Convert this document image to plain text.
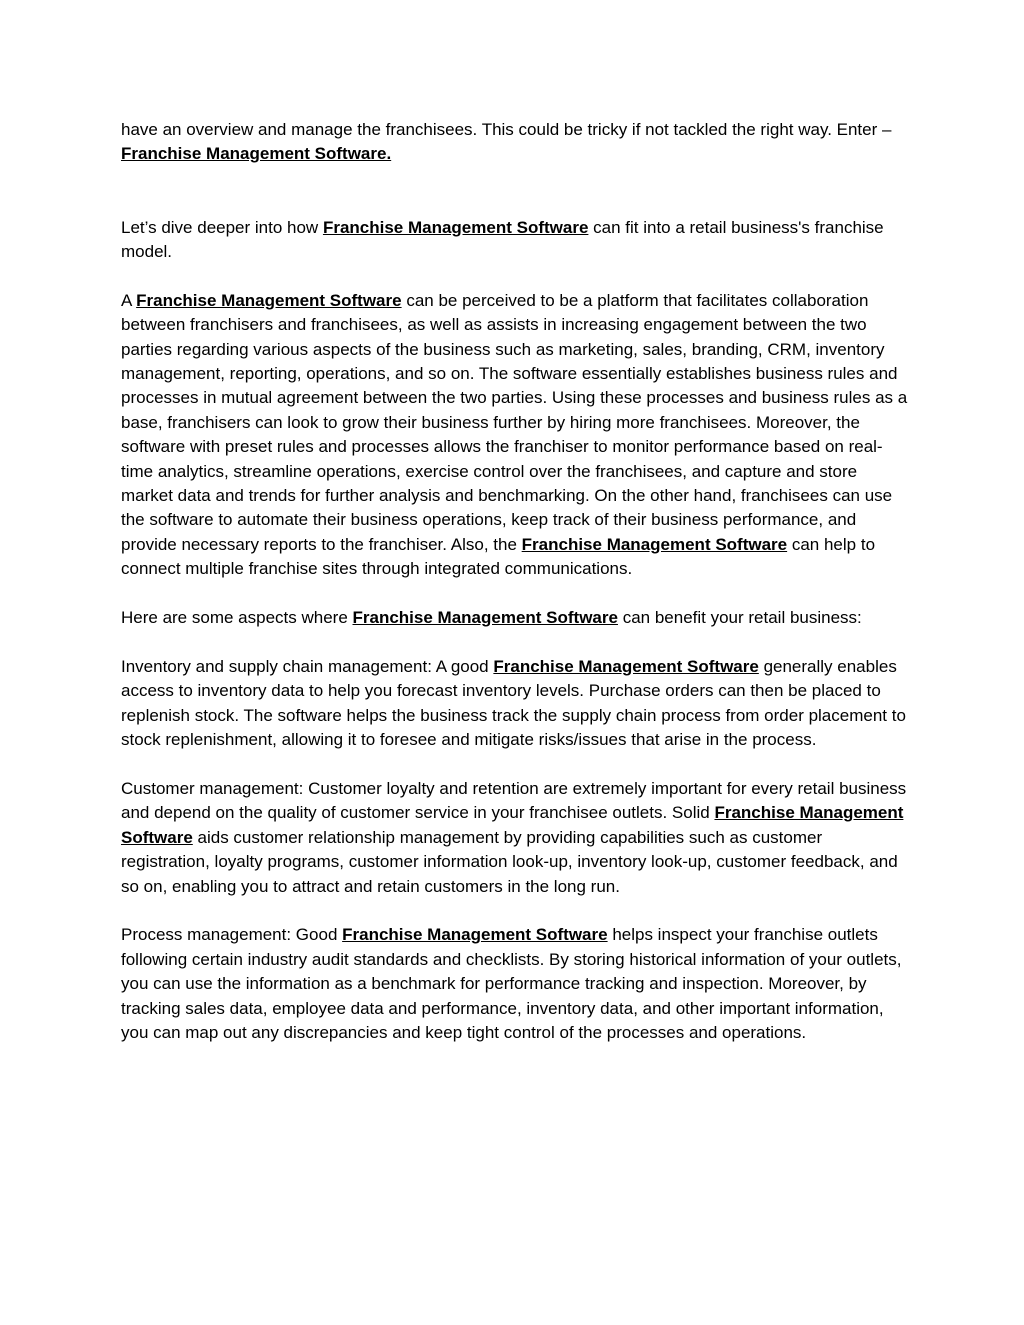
have an overview and manage the franchisees. This could be tricky if not tackled the right way. Enter – Franchise Management Software.

Let’s dive deeper into how Franchise Management Software can fit into a retail business's franchise model.

A Franchise Management Software can be perceived to be a platform that facilitates collaboration between franchisers and franchisees, as well as assists in increasing engagement between the two parties regarding various aspects of the business such as marketing, sales, branding, CRM, inventory management, reporting, operations, and so on. The software essentially establishes business rules and processes in mutual agreement between the two parties. Using these processes and business rules as a base, franchisers can look to grow their business further by hiring more franchisees. Moreover, the software with preset rules and processes allows the franchiser to monitor performance based on real-time analytics, streamline operations, exercise control over the franchisees, and capture and store market data and trends for further analysis and benchmarking. On the other hand, franchisees can use the software to automate their business operations, keep track of their business performance, and provide necessary reports to the franchiser. Also, the Franchise Management Software can help to connect multiple franchise sites through integrated communications.

Here are some aspects where Franchise Management Software can benefit your retail business:

Inventory and supply chain management: A good Franchise Management Software generally enables access to inventory data to help you forecast inventory levels. Purchase orders can then be placed to replenish stock. The software helps the business track the supply chain process from order placement to stock replenishment, allowing it to foresee and mitigate risks/issues that arise in the process.

Customer management: Customer loyalty and retention are extremely important for every retail business and depend on the quality of customer service in your franchisee outlets. Solid Franchise Management Software aids customer relationship management by providing capabilities such as customer registration, loyalty programs, customer information look-up, inventory look-up, customer feedback, and so on, enabling you to attract and retain customers in the long run.

Process management: Good Franchise Management Software helps inspect your franchise outlets following certain industry audit standards and checklists. By storing historical information of your outlets, you can use the information as a benchmark for performance tracking and inspection. Moreover, by tracking sales data, employee data and performance, inventory data, and other important information, you can map out any discrepancies and keep tight control of the processes and operations.
